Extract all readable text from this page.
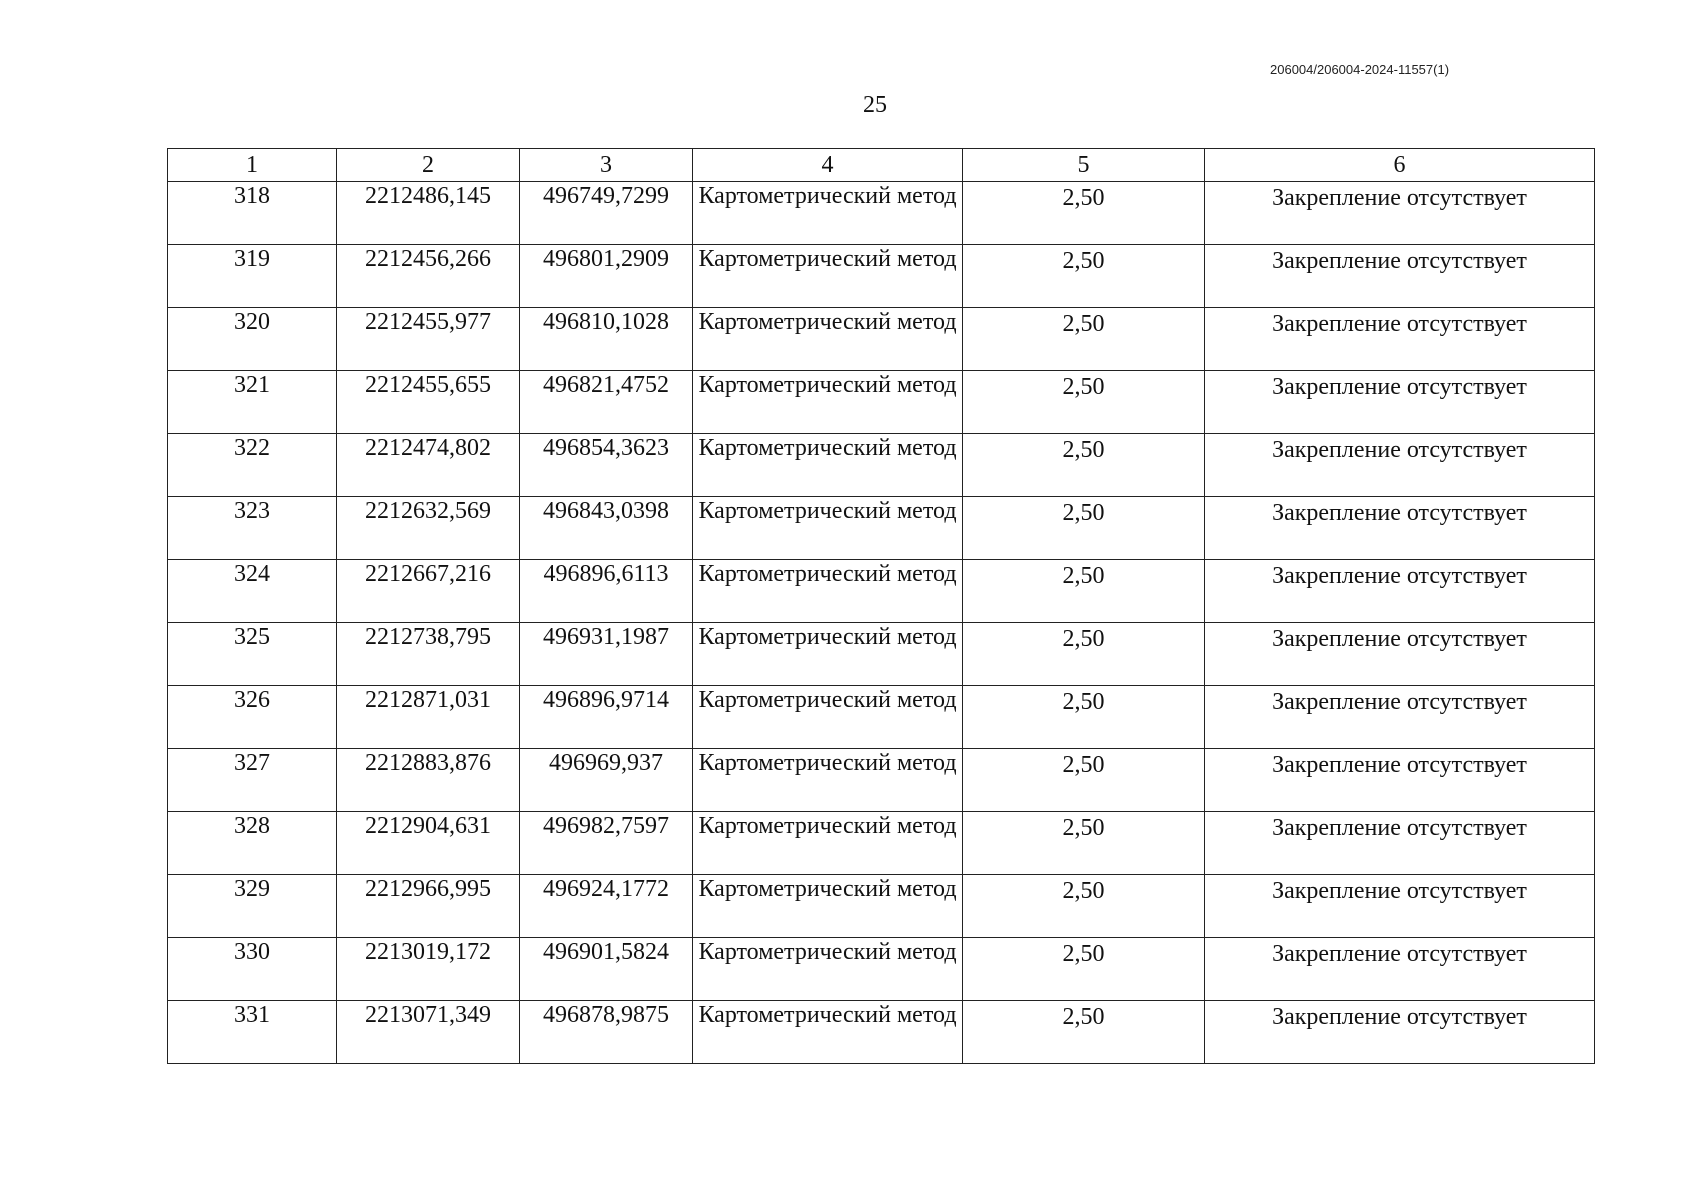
206004/206004-2024-11557(1)
25
1	2	3	4	5	6
318	2212486,145	496749,7299	Картометрический метод	2,50	Закрепление отсутствует
319	2212456,266	496801,2909	Картометрический метод	2,50	Закрепление отсутствует
320	2212455,977	496810,1028	Картометрический метод	2,50	Закрепление отсутствует
321	2212455,655	496821,4752	Картометрический метод	2,50	Закрепление отсутствует
322	2212474,802	496854,3623	Картометрический метод	2,50	Закрепление отсутствует
323	2212632,569	496843,0398	Картометрический метод	2,50	Закрепление отсутствует
324	2212667,216	496896,6113	Картометрический метод	2,50	Закрепление отсутствует
325	2212738,795	496931,1987	Картометрический метод	2,50	Закрепление отсутствует
326	2212871,031	496896,9714	Картометрический метод	2,50	Закрепление отсутствует
327	2212883,876	496969,937	Картометрический метод	2,50	Закрепление отсутствует
328	2212904,631	496982,7597	Картометрический метод	2,50	Закрепление отсутствует
329	2212966,995	496924,1772	Картометрический метод	2,50	Закрепление отсутствует
330	2213019,172	496901,5824	Картометрический метод	2,50	Закрепление отсутствует
331	2213071,349	496878,9875	Картометрический метод	2,50	Закрепление отсутствует
